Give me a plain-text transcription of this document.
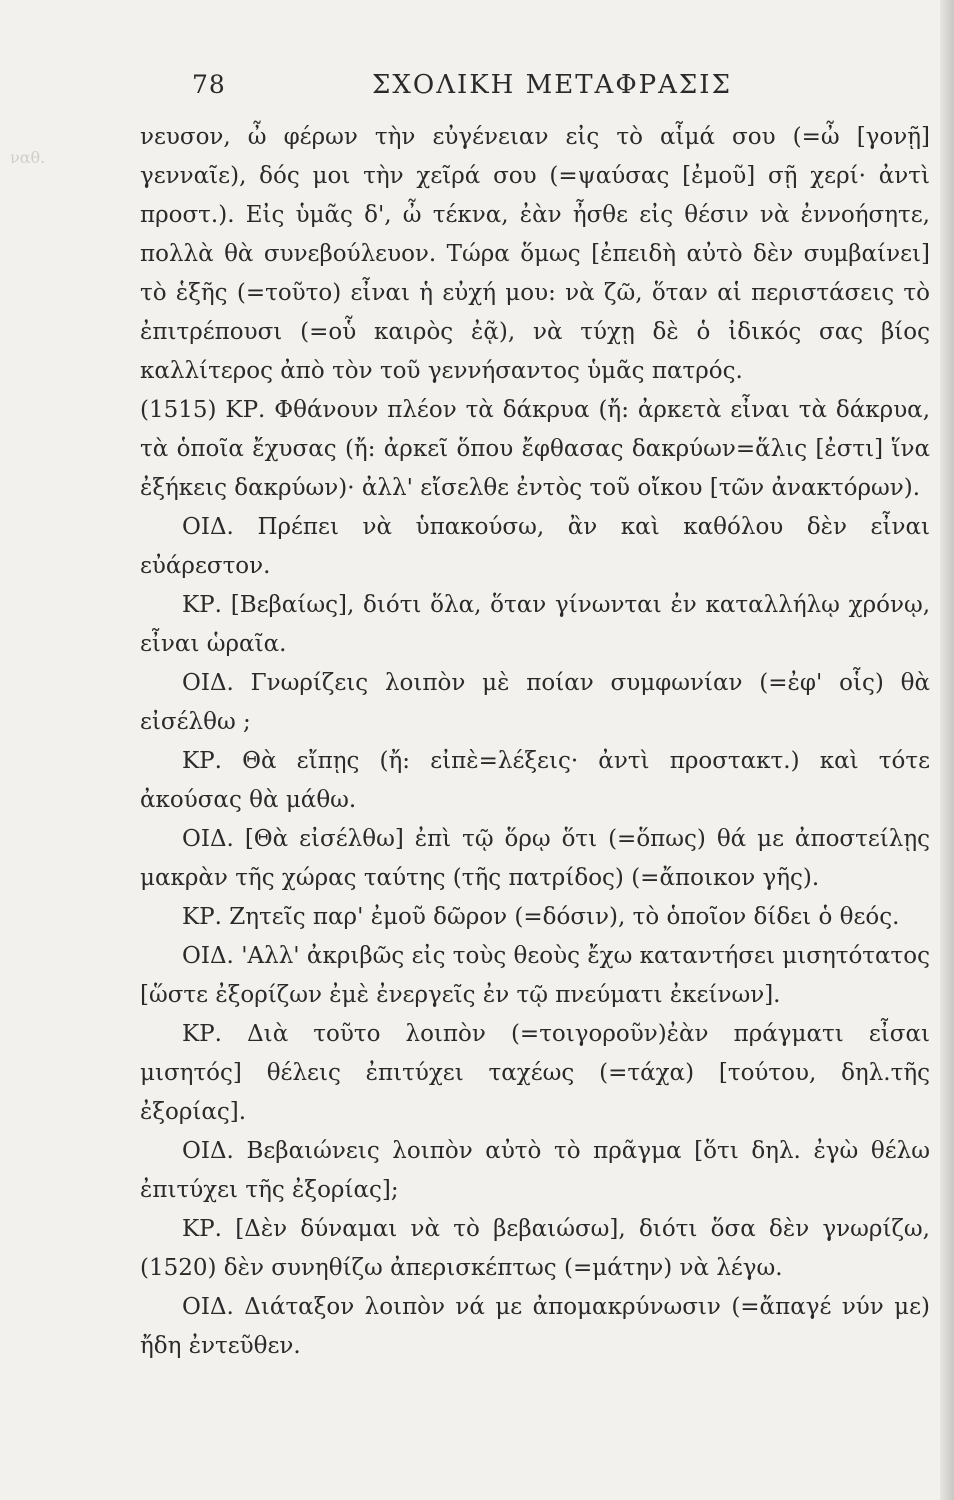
ναθ.
78	ΣΧΟΛΙΚΗ ΜΕΤΑΦΡΑΣΙΣ

νευσον, ὦ φέρων τὴν εὐγένειαν εἰς τὸ αἷμά σου (=ὦ [γονῇ] γενναῖε), δός μοι τὴν χεῖρά σου (=ψαύσας [ἐμοῦ] σῇ χερί· ἀντὶ προστ.). Εἰς ὑμᾶς δ', ὦ τέκνα, ἐὰν ἦσθε εἰς θέσιν νὰ ἐννοήσητε, πολλὰ θὰ συνεβούλευον. Τώρα ὅμως [ἐπειδὴ αὐτὸ δὲν συμβαίνει] τὸ ἑξῆς (=τοῦτο) εἶναι ἡ εὐχή μου: νὰ ζῶ, ὅταν αἱ περιστάσεις τὸ ἐπιτρέπουσι (=οὗ καιρὸς ἐᾷ), νὰ τύχῃ δὲ ὁ ἰδικός σας βίος καλλίτερος ἀπὸ τὸν τοῦ γεννήσαντος ὑμᾶς πατρός.

(1515) ΚΡ. Φθάνουν πλέον τὰ δάκρυα (ἤ: ἀρκετὰ εἶναι τὰ δάκρυα, τὰ ὁποῖα ἔχυσας (ἤ: ἀρκεῖ ὅπου ἔφθασας δακρύων=ἅλις [ἐστι] ἵνα ἐξήκεις δακρύων)· ἀλλ' εἴσελθε ἐντὸς τοῦ οἴκου [τῶν ἀνακτόρων).

ΟΙΔ. Πρέπει νὰ ὑπακούσω, ἂν καὶ καθόλου δὲν εἶναι εὐάρεστον.

ΚΡ. [Βεβαίως], διότι ὅλα, ὅταν γίνωνται ἐν καταλλήλῳ χρόνῳ, εἶναι ὡραῖα.

ΟΙΔ. Γνωρίζεις λοιπὸν μὲ ποίαν συμφωνίαν (=ἐφ' οἷς) θὰ εἰσέλθω ;

ΚΡ. Θὰ εἴπῃς (ἤ: εἰπὲ=λέξεις· ἀντὶ προστακτ.) καὶ τότε ἀκούσας θὰ μάθω.

ΟΙΔ. [Θὰ εἰσέλθω] ἐπὶ τῷ ὅρῳ ὅτι (=ὅπως) θά με ἀποστείλῃς μακρὰν τῆς χώρας ταύτης (τῆς πατρίδος) (=ἄποικον γῆς).

ΚΡ. Ζητεῖς παρ' ἐμοῦ δῶρον (=δόσιν), τὸ ὁποῖον δίδει ὁ θεός.

ΟΙΔ. 'Αλλ' ἀκριβῶς εἰς τοὺς θεοὺς ἔχω καταντήσει μισητότατος [ὥστε ἐξορίζων ἐμὲ ἐνεργεῖς ἐν τῷ πνεύματι ἐκείνων].

ΚΡ. Διὰ τοῦτο λοιπὸν (=τοιγοροῦν)ἐὰν πράγματι εἶσαι μισητός] θέλεις ἐπιτύχει ταχέως (=τάχα) [τούτου, δηλ.τῆς ἐξορίας].

ΟΙΔ. Βεβαιώνεις λοιπὸν αὐτὸ τὸ πρᾶγμα [ὅτι δηλ. ἐγὼ θέλω ἐπιτύχει τῆς ἐξορίας];

ΚΡ. [Δὲν δύναμαι νὰ τὸ βεβαιώσω], διότι ὅσα δὲν γνωρίζω, (1520) δὲν συνηθίζω ἀπερισκέπτως (=μάτην) νὰ λέγω.

ΟΙΔ. Διάταξον λοιπὸν νά με ἀπομακρύνωσιν (=ἄπαγέ νύν με) ἤδη ἐντεῦθεν.
